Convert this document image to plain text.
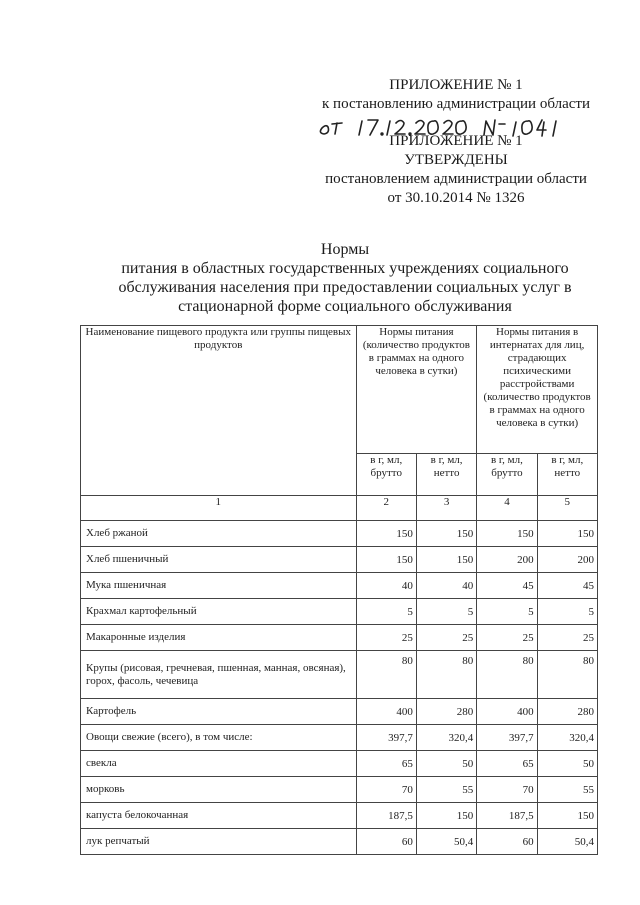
ПРИЛОЖЕНИЕ № 1
к постановлению администрации области
ПРИЛОЖЕНИЕ № 1
УТВЕРЖДЕНЫ
постановлением администрации области
от 30.10.2014 № 1326
Нормы
питания в областных государственных учреждениях социального
обслуживания населения при предоставлении социальных услуг в
стационарной форме социального обслуживания
Наименование пищевого продукта или группы пищевых продуктов	Нормы питания (количество продуктов в граммах на одного человека в сутки)		Нормы питания в интернатах для лиц, страдающих психическими расстройствами (количество продуктов в граммах на одного человека в сутки)	
	в г, мл, брутто	в г, мл, нетто	в г, мл, брутто	в г, мл, нетто
1	2	3	4	5
Хлеб ржаной	150	150	150	150
Хлеб пшеничный	150	150	200	200
Мука пшеничная	40	40	45	45
Крахмал картофельный	5	5	5	5
Макаронные изделия	25	25	25	25
Крупы (рисовая, гречневая, пшенная, манная, овсяная), горох, фасоль, чечевица	80	80	80	80
Картофель	400	280	400	280
Овощи свежие (всего), в том числе:	397,7	320,4	397,7	320,4
свекла	65	50	65	50
морковь	70	55	70	55
капуста белокочанная	187,5	150	187,5	150
лук репчатый	60	50,4	60	50,4
